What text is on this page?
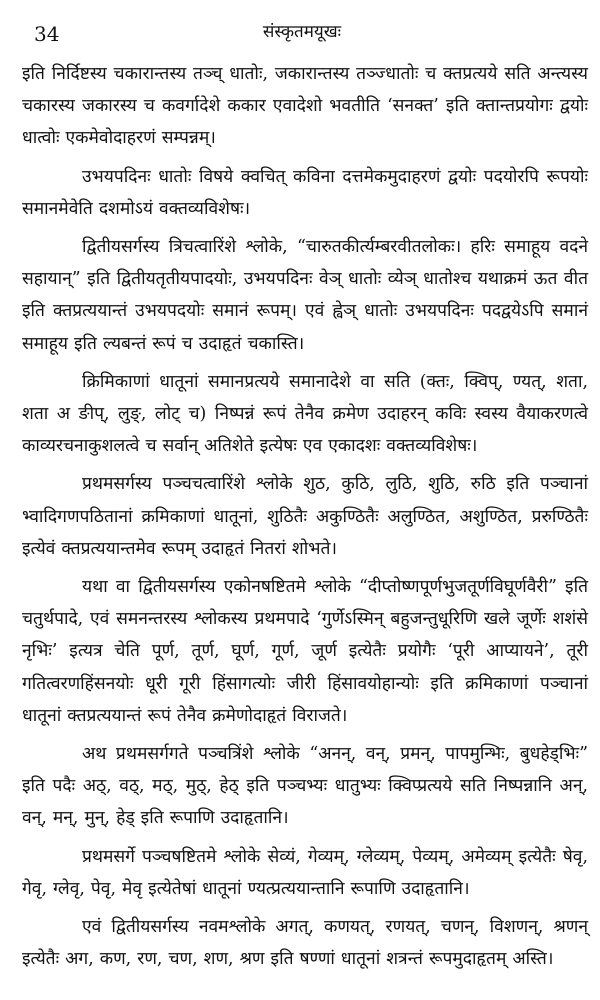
34	संस्कृतमयूखः

इति निर्दिष्टस्य चकारान्तस्य तञ्च् धातोः, जकारान्तस्य तञ्ज्धातोः च क्तप्रत्यये सति अन्त्यस्य चकारस्य जकारस्य च कवर्गादेशे ककार एवादेशो भवतीति ‘सनक्त’ इति क्तान्तप्रयोगः द्वयोः धात्वोः एकमेवोदाहरणं सम्पन्नम्।

उभयपदिनः धातोः विषये क्वचित् कविना दत्तमेकमुदाहरणं द्वयोः पदयोरपि रूपयोः समानमेवेति दशमोऽयं वक्तव्यविशेषः।

द्वितीयसर्गस्य त्रिचत्वारिंशे श्लोके, “चारुतकीर्त्यम्बरवीतलोकः। हरिः समाहूय वदने सहायान्” इति द्वितीयतृतीयपादयोः, उभयपदिनः वेञ् धातोः व्येञ् धातोश्च यथाक्रमं ऊत वीत इति क्तप्रत्ययान्तं उभयपदयोः समानं रूपम्। एवं ह्वेञ् धातोः उभयपदिनः पदद्वयेऽपि समानं समाहूय इति ल्यबन्तं रूपं च उदाहृतं चकास्ति।

क्रिमिकाणां धातूनां समानप्रत्यये समानादेशे वा सति (क्तः, क्विप्, ण्यत्, शता, शता अ ङीप्, लुङ्, लोट् च) निष्पन्नं रूपं तेनैव क्रमेण उदाहरन् कविः स्वस्य वैयाकरणत्वे काव्यरचनाकुशलत्वे च सर्वान् अतिशेते इत्येषः एव एकादशः वक्तव्यविशेषः।

प्रथमसर्गस्य पञ्चचत्वारिंशे श्लोके शुठ, कुठि, लुठि, शुठि, रुठि इति पञ्चानां भ्वादिगणपठितानां क्रमिकाणां धातूनां, शुठितैः अकुण्ठितैः अलुण्ठित, अशुण्ठित, प्ररुण्ठितैः इत्येवं क्तप्रत्ययान्तमेव रूपम् उदाहृतं नितरां शोभते।

यथा वा द्वितीयसर्गस्य एकोनषष्टितमे श्लोके “दीप्तोष्णपूर्णभुजतूर्णविघूर्णवैरी” इति चतुर्थपादे, एवं समनन्तरस्य श्लोकस्य प्रथमपादे ‘गुर्णेऽस्मिन् बहुजन्तुधूरिणि खले जूर्णेः शशंसे नृभिः’ इत्यत्र चेति पूर्ण, तूर्ण, घूर्ण, गूर्ण, जूर्ण इत्येतैः प्रयोगैः ‘पूरी आप्यायने’, तूरी गतित्वरणहिंसनयोः धूरी गूरी हिंसागत्योः जीरी हिंसावयोहान्योः इति क्रमिकाणां पञ्चानां धातूनां क्तप्रत्ययान्तं रूपं तेनैव क्रमेणोदाहृतं विराजते।

अथ प्रथमसर्गगते पञ्चत्रिंशे श्लोके “अनन्, वन्, प्रमन्, पापमुन्भिः, बुधहेड्भिः” इति पदैः अठ्, वठ्, मठ्, मुठ्, हेठ् इति पञ्चभ्यः धातुभ्यः क्विप्प्रत्यये सति निष्पन्नानि अन्, वन्, मन्, मुन्, हेड् इति रूपाणि उदाहृतानि।

प्रथमसर्गे पञ्चषष्टितमे श्लोके सेव्यं, गेव्यम्, ग्लेव्यम्, पेव्यम्, अमेव्यम् इत्येतैः षेवृ, गेवृ, ग्लेवृ, पेवृ, मेवृ इत्येतेषां धातूनां ण्यत्प्रत्ययान्तानि रूपाणि उदाहृतानि।

एवं द्वितीयसर्गस्य नवमश्लोके अगत्, कणयत्, रणयत्, चणन्, विशणन्, श्रणन् इत्येतैः अग, कण, रण, चण, शण, श्रण इति षण्णां धातूनां शत्रन्तं रूपमुदाहृतम् अस्ति।
